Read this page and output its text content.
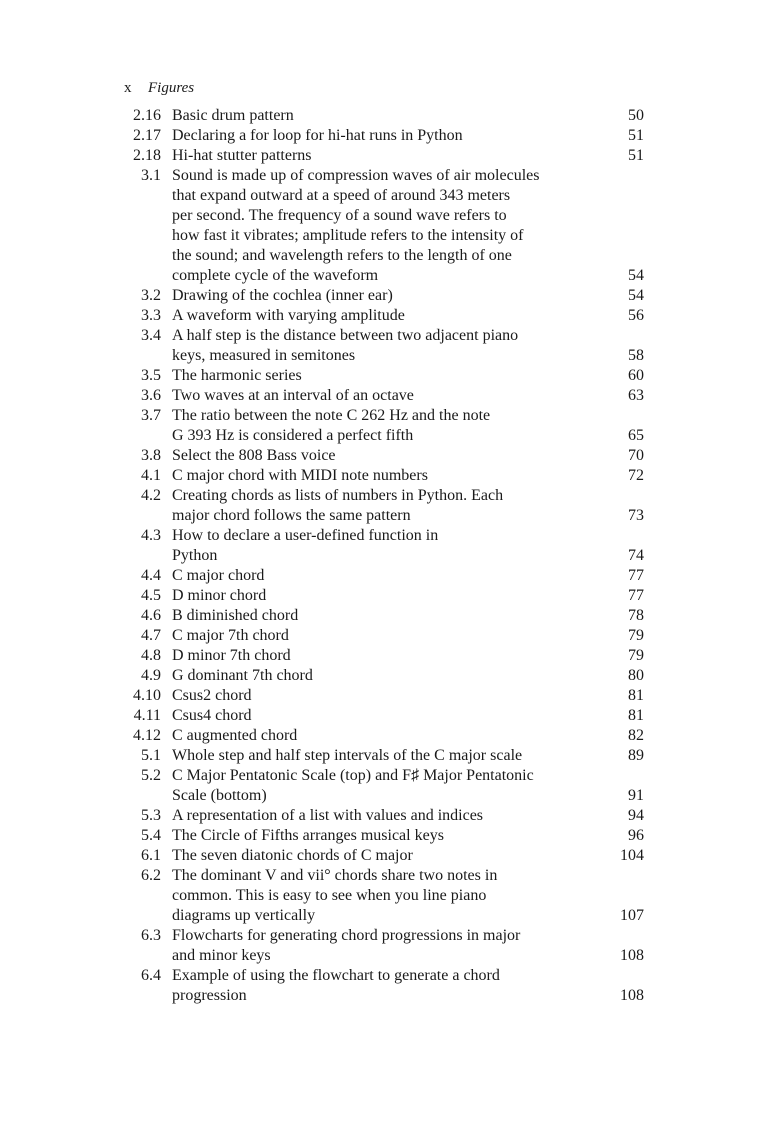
x Figures
2.16 Basic drum pattern	50
2.17 Declaring a for loop for hi-hat runs in Python	51
2.18 Hi-hat stutter patterns	51
3.1 Sound is made up of compression waves of air molecules
that expand outward at a speed of around 343 meters
per second. The frequency of a sound wave refers to
how fast it vibrates; amplitude refers to the intensity of
the sound; and wavelength refers to the length of one
complete cycle of the waveform	54
3.2 Drawing of the cochlea (inner ear)	54
3.3 A waveform with varying amplitude	56
3.4 A half step is the distance between two adjacent piano
keys, measured in semitones	58
3.5 The harmonic series	60
3.6 Two waves at an interval of an octave	63
3.7 The ratio between the note C 262 Hz and the note
G 393 Hz is considered a perfect fifth	65
3.8 Select the 808 Bass voice	70
4.1 C major chord with MIDI note numbers	72
4.2 Creating chords as lists of numbers in Python. Each
major chord follows the same pattern	73
4.3 How to declare a user-defined function in
Python	74
4.4 C major chord	77
4.5 D minor chord	77
4.6 B diminished chord	78
4.7 C major 7th chord	79
4.8 D minor 7th chord	79
4.9 G dominant 7th chord	80
4.10 Csus2 chord	81
4.11 Csus4 chord	81
4.12 C augmented chord	82
5.1 Whole step and half step intervals of the C major scale	89
5.2 C Major Pentatonic Scale (top) and F♯ Major Pentatonic
Scale (bottom)	91
5.3 A representation of a list with values and indices	94
5.4 The Circle of Fifths arranges musical keys	96
6.1 The seven diatonic chords of C major	104
6.2 The dominant V and vii° chords share two notes in
common. This is easy to see when you line piano
diagrams up vertically	107
6.3 Flowcharts for generating chord progressions in major
and minor keys	108
6.4 Example of using the flowchart to generate a chord
progression	108
